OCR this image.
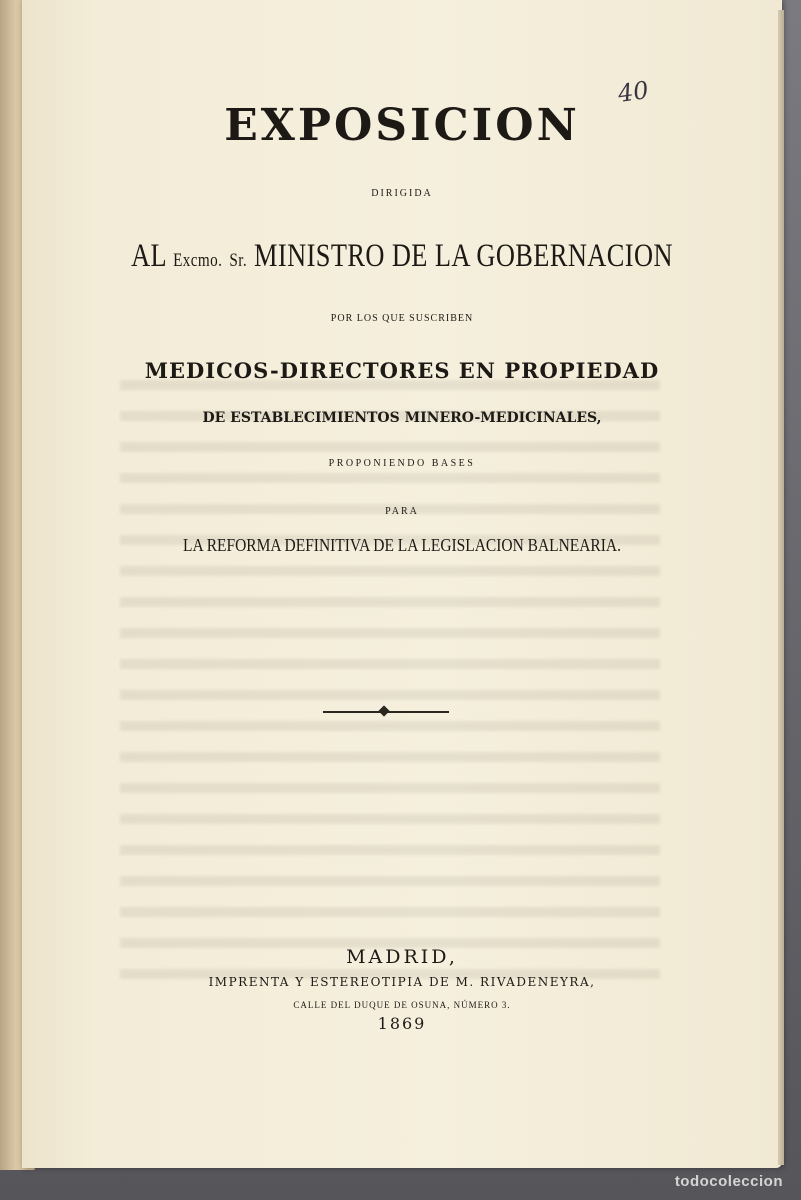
40
EXPOSICION
DIRIGIDA
AL Excmo. Sr. MINISTRO DE LA GOBERNACION
POR LOS QUE SUSCRIBEN
MEDICOS-DIRECTORES EN PROPIEDAD
DE ESTABLECIMIENTOS MINERO-MEDICINALES,
PROPONIENDO BASES
PARA
LA REFORMA DEFINITIVA DE LA LEGISLACION BALNEARIA.
MADRID,
IMPRENTA Y ESTEREOTIPIA DE M. RIVADENEYRA,
CALLE DEL DUQUE DE OSUNA, NÚMERO 3.
1869
todocoleccion
